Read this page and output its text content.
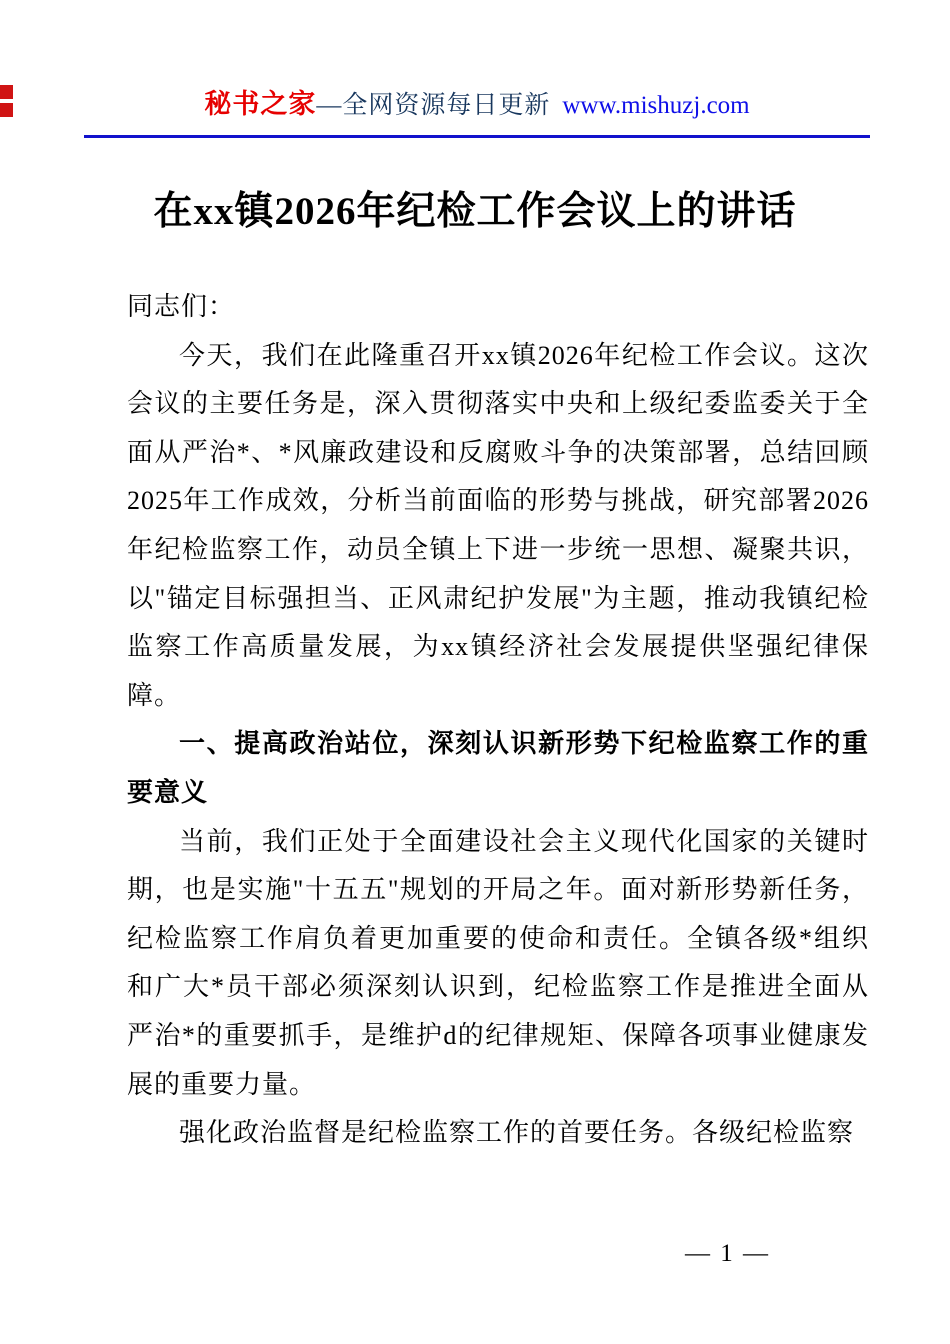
秘书之家—全网资源每日更新 www.mishuzj.com
在xx镇2026年纪检工作会议上的讲话

同志们：

今天，我们在此隆重召开xx镇2026年纪检工作会议。这次会议的主要任务是，深入贯彻落实中央和上级纪委监委关于全面从严治*、*风廉政建设和反腐败斗争的决策部署，总结回顾2025年工作成效，分析当前面临的形势与挑战，研究部署2026年纪检监察工作，动员全镇上下进一步统一思想、凝聚共识，以"锚定目标强担当、正风肃纪护发展"为主题，推动我镇纪检监察工作高质量发展，为xx镇经济社会发展提供坚强纪律保障。

一、提高政治站位，深刻认识新形势下纪检监察工作的重要意义

当前，我们正处于全面建设社会主义现代化国家的关键时期，也是实施"十五五"规划的开局之年。面对新形势新任务，纪检监察工作肩负着更加重要的使命和责任。全镇各级*组织和广大*员干部必须深刻认识到，纪检监察工作是推进全面从严治*的重要抓手，是维护d的纪律规矩、保障各项事业健康发展的重要力量。

强化政治监督是纪检监察工作的首要任务。各级纪检监察

— 1 —
